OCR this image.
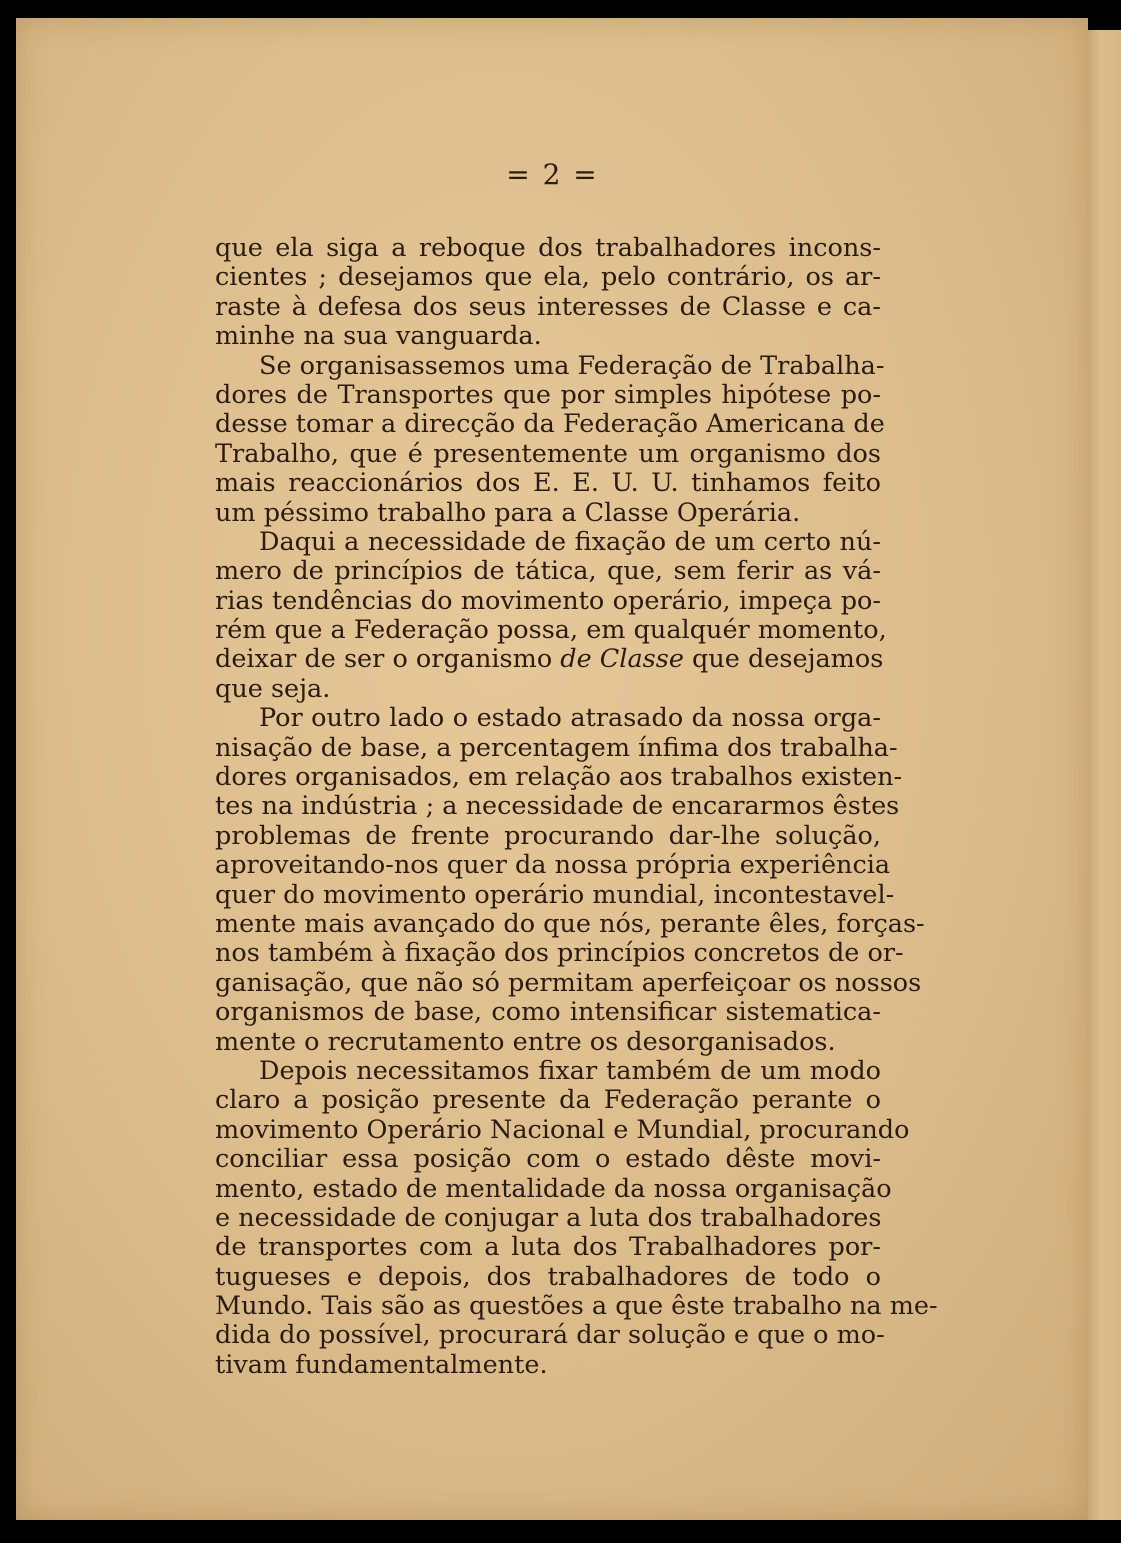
= 2 =
que ela siga a reboque dos trabalhadores incons-
cientes ; desejamos que ela, pelo contrário, os ar-
raste à defesa dos seus interesses de Classe e ca-
minhe na sua vanguarda.
Se organisassemos uma Federação de Trabalha-
dores de Transportes que por simples hipótese po-
desse tomar a direcção da Federação Americana de
Trabalho, que é presentemente um organismo dos
mais reaccionários dos E. E. U. U. tinhamos feito
um péssimo trabalho para a Classe Operária.
Daqui a necessidade de fixação de um certo nú-
mero de princípios de tática, que, sem ferir as vá-
rias tendências do movimento operário, impeça po-
rém que a Federação possa, em qualquér momento,
deixar de ser o organismo de Classe que desejamos
que seja.
Por outro lado o estado atrasado da nossa orga-
nisação de base, a percentagem ínfima dos trabalha-
dores organisados, em relação aos trabalhos existen-
tes na indústria ; a necessidade de encararmos êstes
problemas de frente procurando dar-lhe solução,
aproveitando-nos quer da nossa própria experiência
quer do movimento operário mundial, incontestavel-
mente mais avançado do que nós, perante êles, forças-
nos também à fixação dos princípios concretos de or-
ganisação, que não só permitam aperfeiçoar os nossos
organismos de base, como intensificar sistematica-
mente o recrutamento entre os desorganisados.
Depois necessitamos fixar também de um modo
claro a posição presente da Federação perante o
movimento Operário Nacional e Mundial, procurando
conciliar essa posição com o estado dêste movi-
mento, estado de mentalidade da nossa organisação
e necessidade de conjugar a luta dos trabalhadores
de transportes com a luta dos Trabalhadores por-
tugueses e depois, dos trabalhadores de todo o
Mundo. Tais são as questões a que êste trabalho na me-
dida do possível, procurará dar solução e que o mo-
tivam fundamentalmente.
